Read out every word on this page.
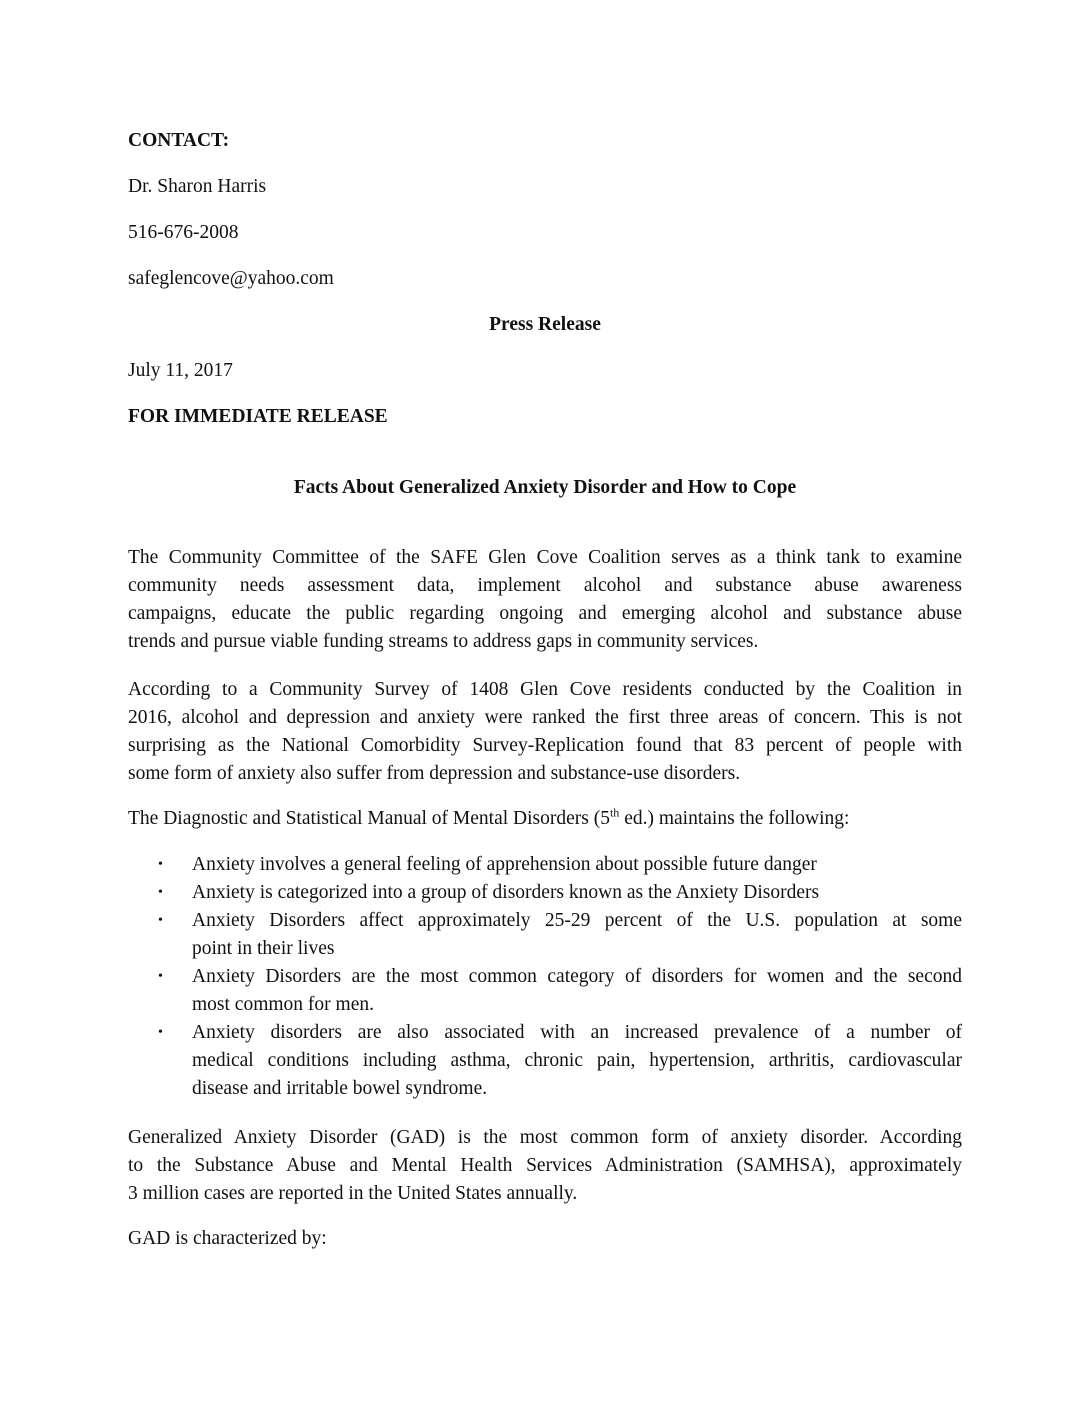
CONTACT:

Dr. Sharon Harris

516-676-2008

safeglencove@yahoo.com

Press Release

July 11, 2017

FOR IMMEDIATE RELEASE

Facts About Generalized Anxiety Disorder and How to Cope

The Community Committee of the SAFE Glen Cove Coalition serves as a think tank to examine
community needs assessment data, implement alcohol and substance abuse awareness
campaigns, educate the public regarding ongoing and emerging alcohol and substance abuse
trends and pursue viable funding streams to address gaps in community services.
According to a Community Survey of 1408 Glen Cove residents conducted by the Coalition in
2016, alcohol and depression and anxiety were ranked the first three areas of concern. This is not
surprising as the National Comorbidity Survey-Replication found that 83 percent of people with
some form of anxiety also suffer from depression and substance-use disorders.

The Diagnostic and Statistical Manual of Mental Disorders (5th ed.) maintains the following:

• Anxiety involves a general feeling of apprehension about possible future danger
• Anxiety is categorized into a group of disorders known as the Anxiety Disorders
• Anxiety Disorders affect approximately 25-29 percent of the U.S. population at some
point in their lives
• Anxiety Disorders are the most common category of disorders for women and the second
most common for men.
• Anxiety disorders are also associated with an increased prevalence of a number of
medical conditions including asthma, chronic pain, hypertension, arthritis, cardiovascular
disease and irritable bowel syndrome.
Generalized Anxiety Disorder (GAD) is the most common form of anxiety disorder. According
to the Substance Abuse and Mental Health Services Administration (SAMHSA), approximately
3 million cases are reported in the United States annually.

GAD is characterized by:
